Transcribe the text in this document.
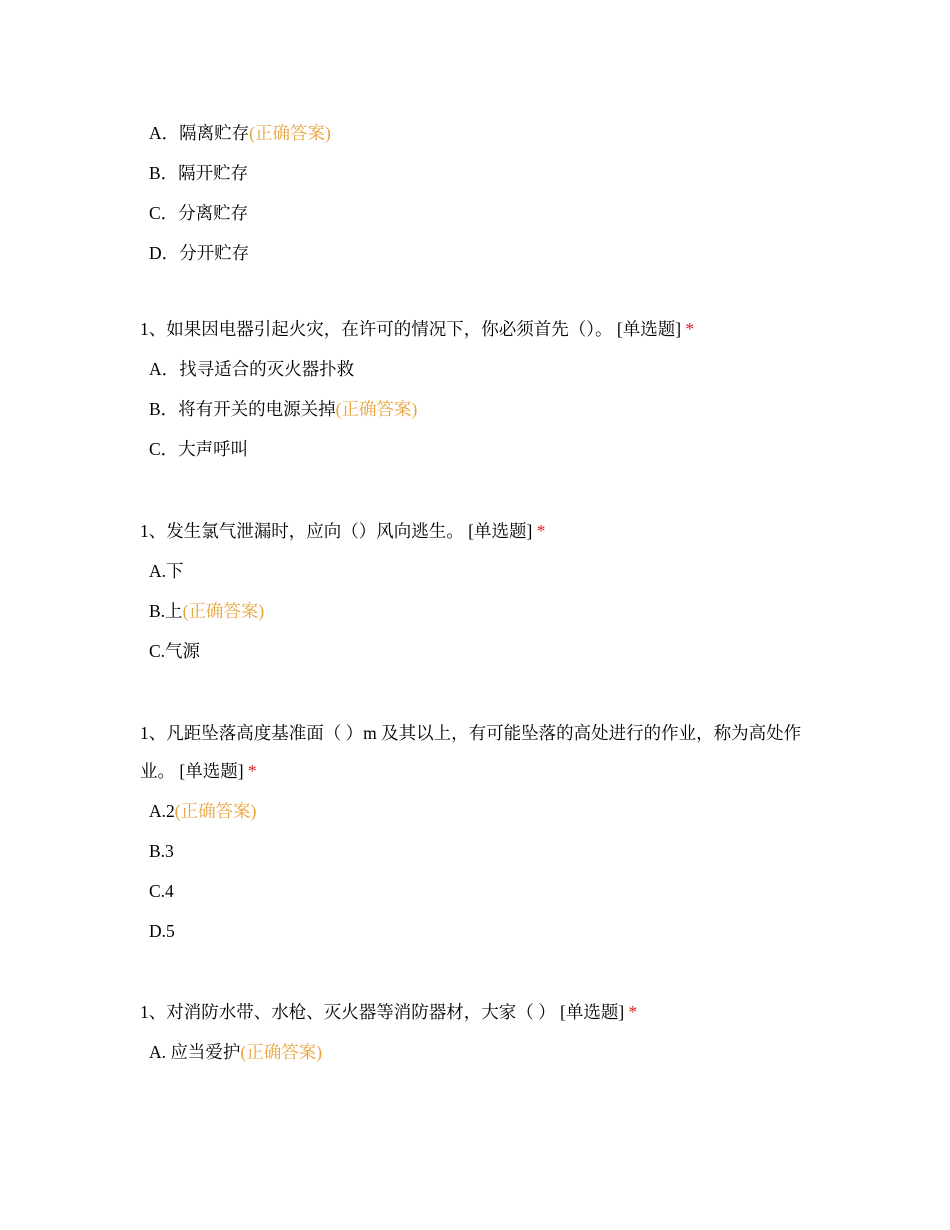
A．隔离贮存(正确答案)
B．隔开贮存
C．分离贮存
D．分开贮存
1、如果因电器引起火灾，在许可的情况下，你必须首先（）。 [单选题] *
A．找寻适合的灭火器扑救
B．将有开关的电源关掉(正确答案)
C．大声呼叫
1、发生氯气泄漏时，应向（）风向逃生。 [单选题] *
A.下
B.上(正确答案)
C.气源
1、凡距坠落高度基准面（ ）m 及其以上，有可能坠落的高处进行的作业，称为高处作业。 [单选题] *
A.2(正确答案)
B.3
C.4
D.5
1、对消防水带、水枪、灭火器等消防器材，大家（ ） [单选题] *
A. 应当爱护(正确答案)
